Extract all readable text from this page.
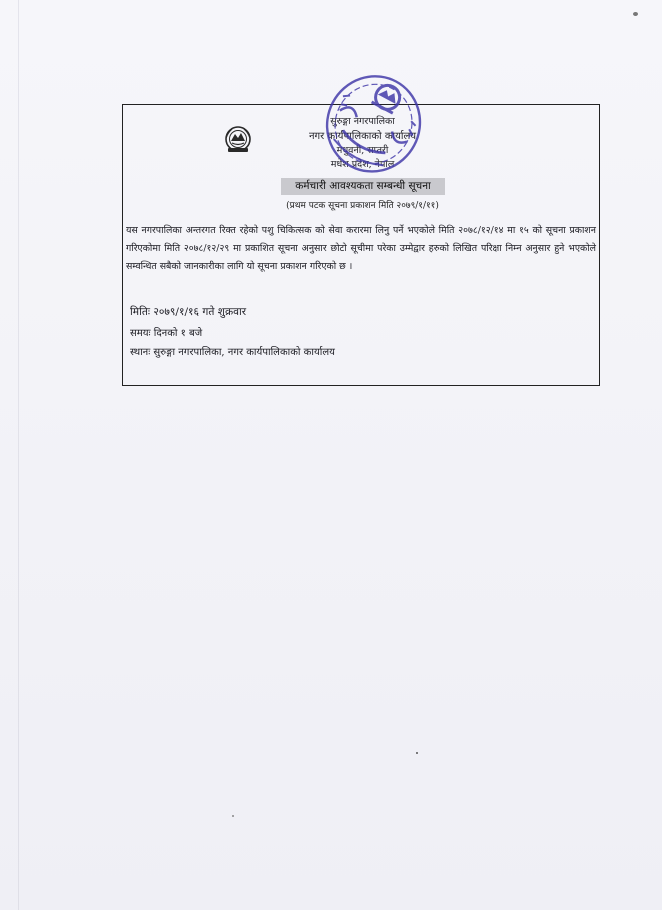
सुरुङ्गा नगरपालिका
नगर कार्यपालिकाको कार्यालय
मधुवनी, सप्तरी
मधेश प्रदेश, नेपाल
कर्मचारी आवश्यकता सम्बन्धी सूचना
(प्रथम पटक सूचना प्रकाशन मिति २०७९/१/११)

यस नगरपालिका अन्तरगत रिक्त रहेको पशु चिकित्सक को सेवा करारमा लिनु पर्ने भएकोले मिति २०७८/१२/१४ मा १५ को सूचना प्रकाशन गरिएकोमा मिति २०७८/१२/२९ मा प्रकाशित सूचना अनुसार छोटो सूचीमा परेका उम्मेद्वार हरुको लिखित परिक्षा निम्न अनुसार हुने भएकोले सम्वन्धित सबैको जानकारीका लागि यो सूचना प्रकाशन गरिएको छ ।

मितिः २०७९/१/१६ गते शुक्रवार

समयः दिनको १ बजे

स्थानः सुरुङ्गा नगरपालिका, नगर कार्यपालिकाको कार्यालय
